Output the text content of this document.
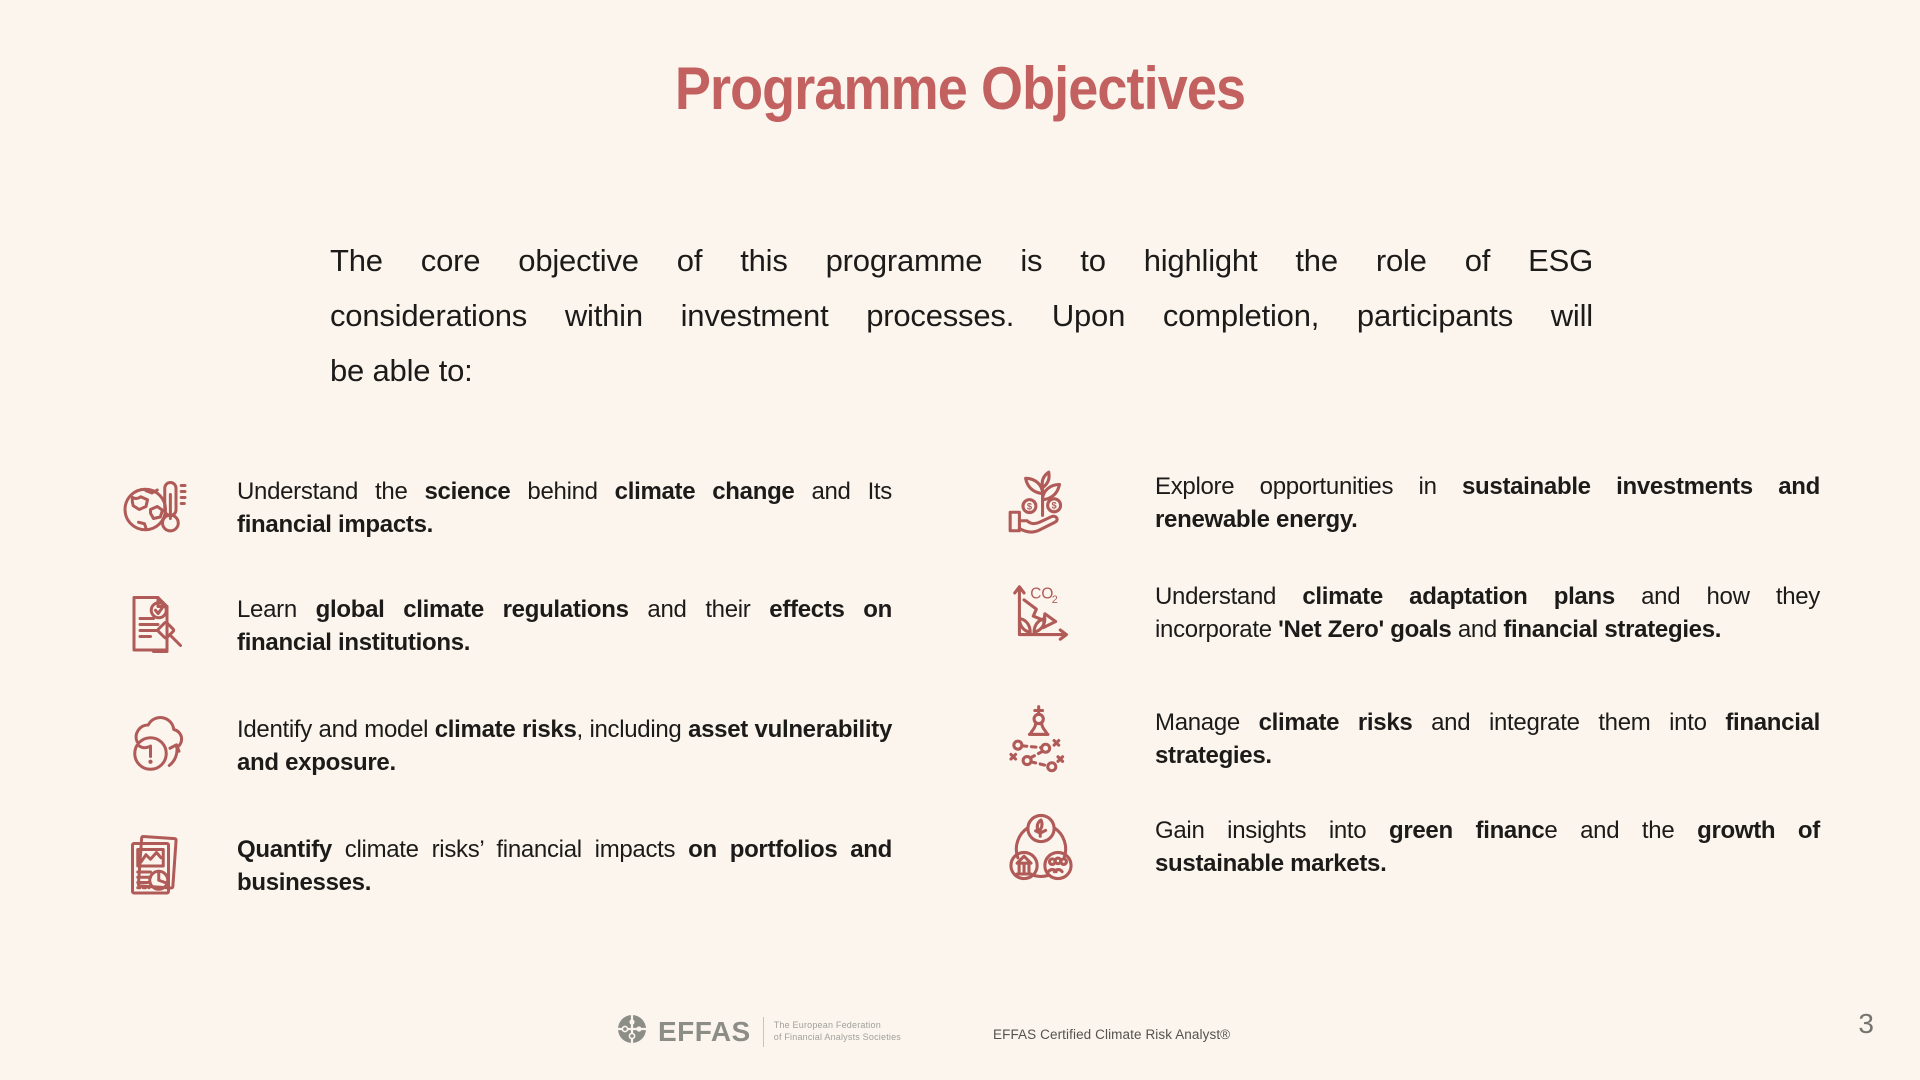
Programme Objectives
The core objective of this programme is to highlight the role of ESG
considerations within investment processes. Upon completion, participants will
be able to:
Understand the science behind climate change and Its financial impacts.
Learn global climate regulations and their effects on financial institutions.
Identify and model climate risks, including asset vulnerability and exposure.
Quantify climate risks’ financial impacts on portfolios and businesses.
$	$
Explore opportunities in sustainable investments and renewable energy.
CO
2	Understand climate adaptation plans and how they incorporate 'Net Zero' goals and financial strategies.
Manage climate risks and integrate them into financial strategies.
Gain insights into green finance and the growth of sustainable markets.
EFFAS	The European Federation
of Financial Analysts Societies	EFFAS Certified Climate Risk Analyst®	3
